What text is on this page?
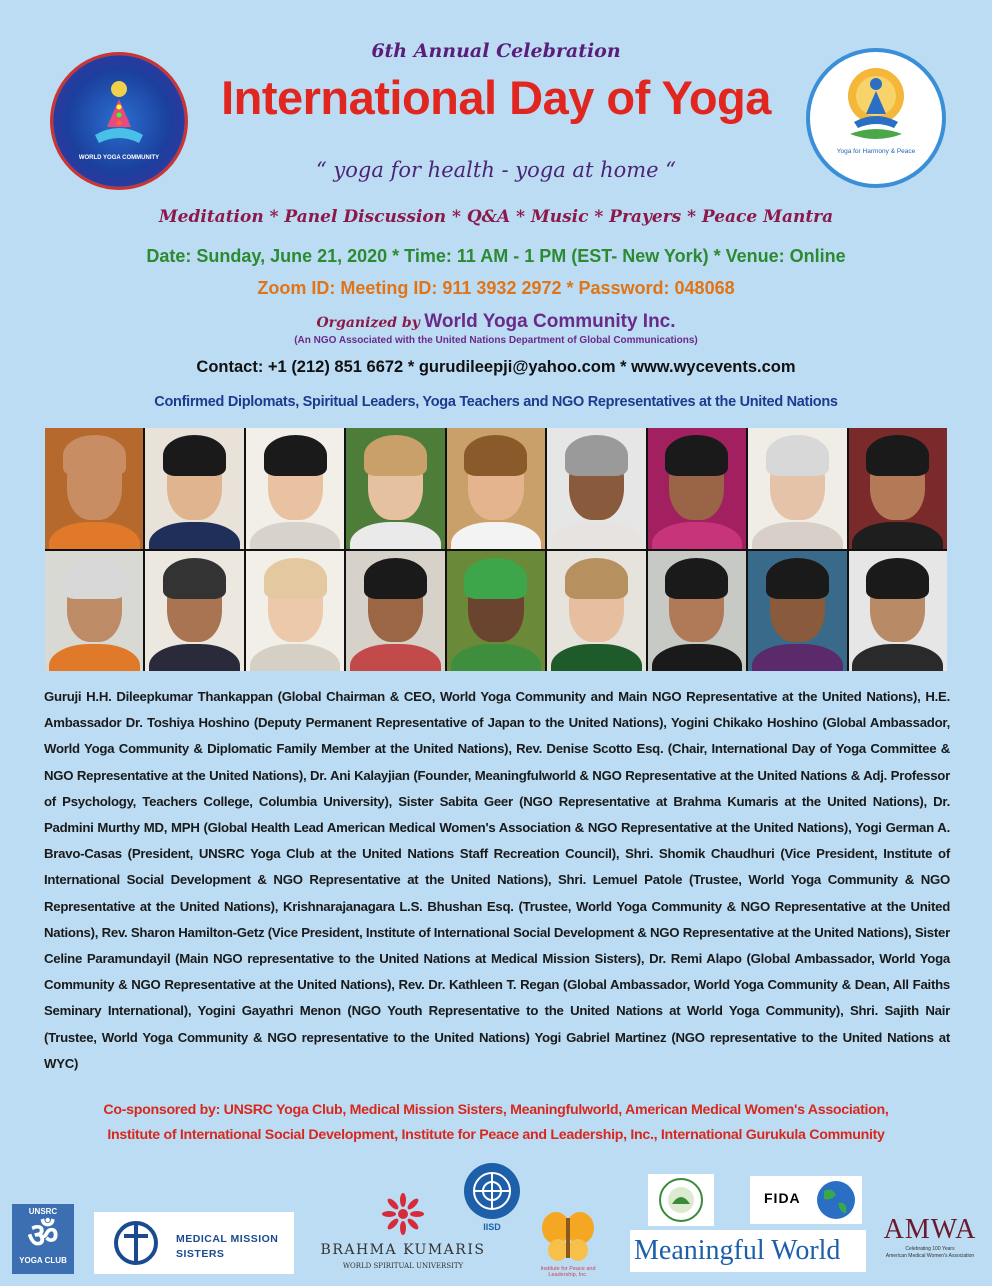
WORLD YOGA COMMUNITY
Yoga for Harmony & Peace
6th Annual Celebration
International Day of Yoga
“ yoga for health - yoga at home “
Meditation * Panel Discussion * Q&A * Music * Prayers * Peace Mantra
Date: Sunday, June 21, 2020 * Time: 11 AM - 1 PM (EST- New York) * Venue: Online
Zoom ID: Meeting ID: 911 3932 2972 * Password: 048068
Organized by World Yoga Community Inc.
(An NGO Associated with the United Nations Department of Global Communications)
Contact: +1 (212) 851 6672 * gurudileepji@yahoo.com * www.wycevents.com
Confirmed Diplomats, Spiritual Leaders, Yoga Teachers and NGO Representatives at the United Nations
Guruji H.H. Dileepkumar Thankappan (Global Chairman & CEO, World Yoga Community and Main NGO Representative at the United Nations), H.E. Ambassador Dr. Toshiya Hoshino (Deputy Permanent Representative of Japan to the United Nations), Yogini Chikako Hoshino (Global Ambassador, World Yoga Community & Diplomatic Family Member at the United Nations), Rev. Denise Scotto Esq. (Chair, International Day of Yoga Committee & NGO Representative at the United Nations), Dr. Ani Kalayjian (Founder, Meaningfulworld & NGO Representative at the United Nations & Adj. Professor of Psychology, Teachers College, Columbia University), Sister Sabita Geer (NGO Representative at Brahma Kumaris at the United Nations), Dr. Padmini Murthy MD, MPH (Global Health Lead American Medical Women's Association & NGO Representative at the United Nations), Yogi German A. Bravo-Casas (President, UNSRC Yoga Club at the United Nations Staff Recreation Council), Shri. Shomik Chaudhuri (Vice President, Institute of International Social Development & NGO Representative at the United Nations), Shri. Lemuel Patole (Trustee, World Yoga Community & NGO Representative at the United Nations), Krishnarajanagara L.S. Bhushan Esq. (Trustee, World Yoga Community & NGO Representative at the United Nations), Rev. Sharon Hamilton-Getz (Vice President, Institute of International Social Development & NGO Representative at the United Nations), Sister Celine Paramundayil (Main NGO representative to the United Nations at Medical Mission Sisters), Dr. Remi Alapo (Global Ambassador, World Yoga Community & NGO Representative at the United Nations), Rev. Dr. Kathleen T. Regan (Global Ambassador, World Yoga Community & Dean, All Faiths Seminary International), Yogini Gayathri Menon (NGO Youth Representative to the United Nations at World Yoga Community), Shri. Sajith Nair (Trustee, World Yoga Community & NGO representative to the United Nations) Yogi Gabriel Martinez (NGO representative to the United Nations at WYC)
Co-sponsored by: UNSRC Yoga Club, Medical Mission Sisters, Meaningfulworld, American Medical Women's Association,
Institute of International Social Development, Institute for Peace and Leadership, Inc., International Gurukula Community
UNSRC
ॐ
YOGA CLUB
MEDICAL MISSION
SISTERS	BRAHMA KUMARIS
WORLD SPIRITUAL UNIVERSITY
IISD
Institute for Peace and Leadership, Inc.
FIDA
Meaningful World
AMWA
Celebrating 100 Years
American Medical Women's Association
